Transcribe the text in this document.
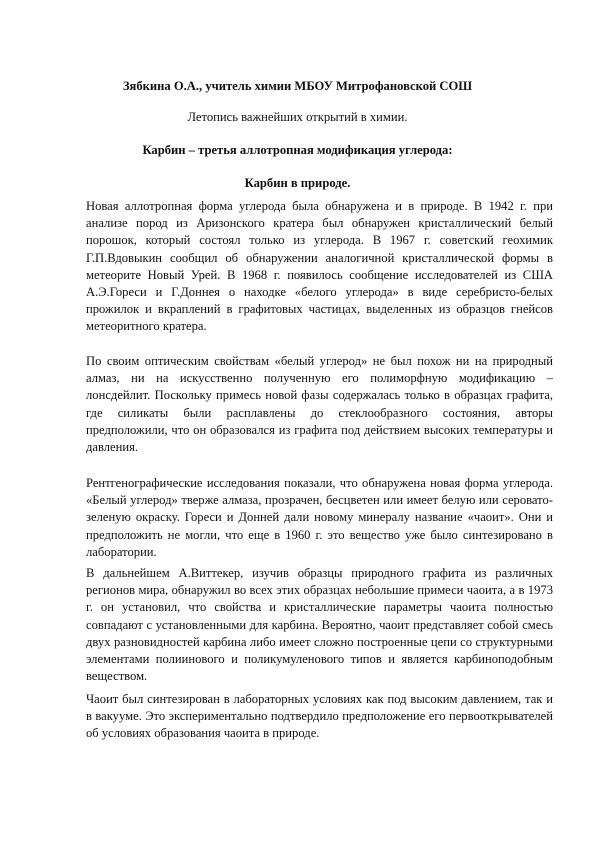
Зябкина О.А., учитель химии МБОУ Митрофановской СОШ
Летопись важнейших открытий в химии.
Карбин – третья аллотропная модификация углерода:
Карбин в природе.

Новая аллотропная форма углерода была обнаружена и в природе. В 1942 г. при анализе пород из Аризонского кратера был обнаружен кристаллический белый порошок, который состоял только из углерода. В 1967 г. советский геохимик Г.П.Вдовыкин сообщил об обнаружении аналогичной кристаллической формы в метеорите Новый Урей. В 1968 г. появилось сообщение исследователей из США А.Э.Гореси и Г.Доннея о находке «белого углерода» в виде серебристо-белых прожилок и вкраплений в графитовых частицах, выделенных из образцов гнейсов метеоритного кратера.

По своим оптическим свойствам «белый углерод» не был похож ни на природный алмаз, ни на искусственно полученную его полиморфную модификацию – лонсдейлит. Поскольку примесь новой фазы содержалась только в образцах графита, где силикаты были расплавлены до стеклообразного состояния, авторы предположили, что он образовался из графита под действием высоких температуры и давления.

Рентгенографические исследования показали, что обнаружена новая форма углерода. «Белый углерод» тверже алмаза, прозрачен, бесцветен или имеет белую или серовато-зеленую окраску. Гореси и Донней дали новому минералу название «чаоит». Они и предположить не могли, что еще в 1960 г. это вещество уже было синтезировано в лаборатории.

В дальнейшем А.Виттекер, изучив образцы природного графита из различных регионов мира, обнаружил во всех этих образцах небольшие примеси чаоита, а в 1973 г. он установил, что свойства и кристаллические параметры чаоита полностью совпадают с установленными для карбина. Вероятно, чаоит представляет собой смесь двух разновидностей карбина либо имеет сложно построенные цепи со структурными элементами полиинового и поликумуленового типов и является карбиноподобным веществом.

Чаоит был синтезирован в лабораторных условиях как под высоким давлением, так и в вакууме. Это экспериментально подтвердило предположение его первооткрывателей об условиях образования чаоита в природе.
